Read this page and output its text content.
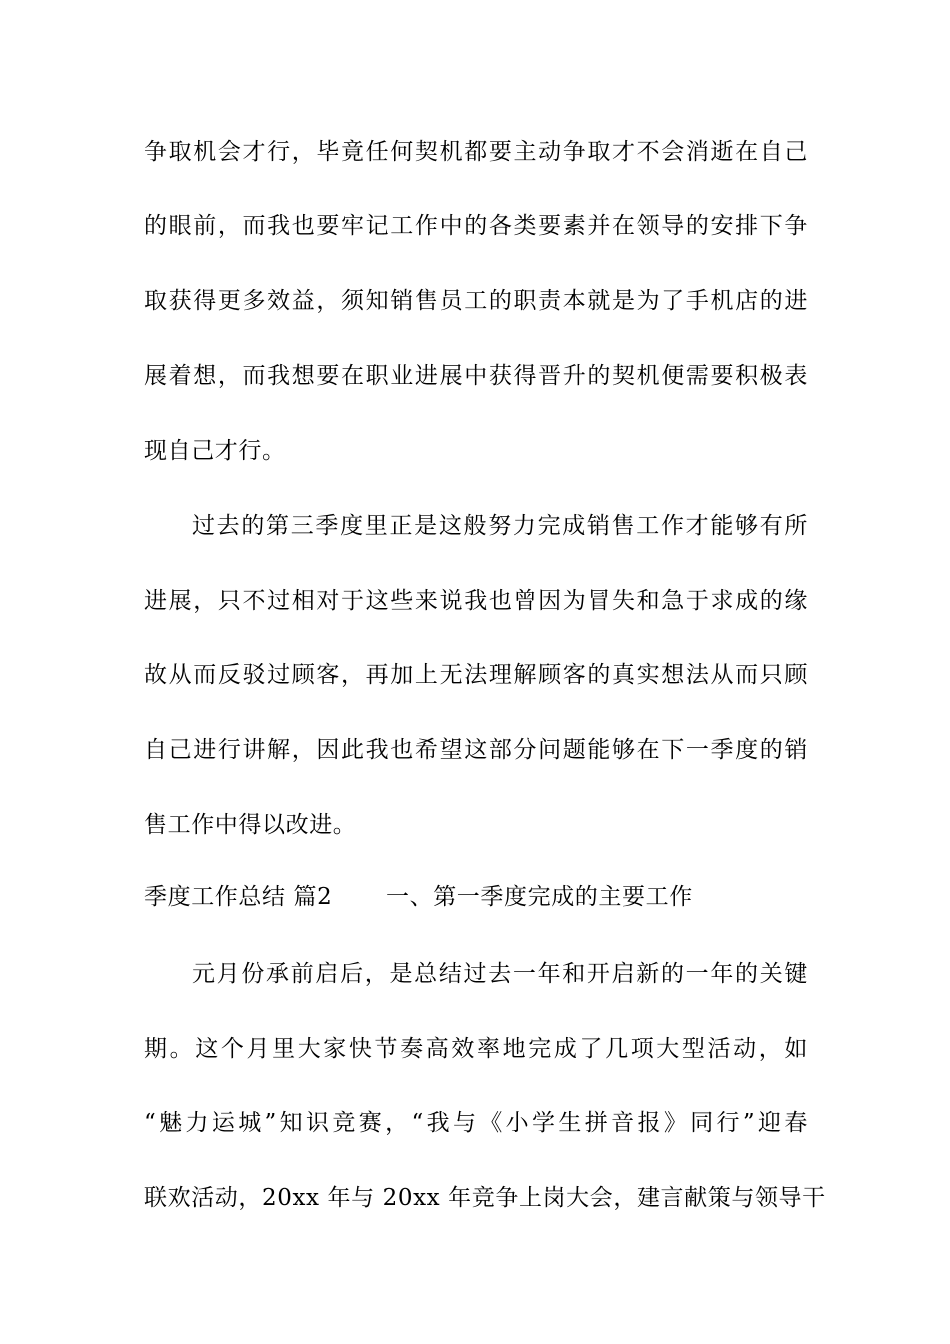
争取机会才行，毕竟任何契机都要主动争取才不会消逝在自己
的眼前，而我也要牢记工作中的各类要素并在领导的安排下争
取获得更多效益，须知销售员工的职责本就是为了手机店的进
展着想，而我想要在职业进展中获得晋升的契机便需要积极表
现自己才行。
过去的第三季度里正是这般努力完成销售工作才能够有所
进展，只不过相对于这些来说我也曾因为冒失和急于求成的缘
故从而反驳过顾客，再加上无法理解顾客的真实想法从而只顾
自己进行讲解，因此我也希望这部分问题能够在下一季度的销
售工作中得以改进。
季度工作总结 篇2 一、第一季度完成的主要工作
元月份承前启后，是总结过去一年和开启新的一年的关键
期。这个月里大家快节奏高效率地完成了几项大型活动，如
“魅力运城”知识竞赛，“我与《小学生拼音报》同行”迎春
联欢活动，20xx 年与 20xx 年竞争上岗大会，建言献策与领导干
